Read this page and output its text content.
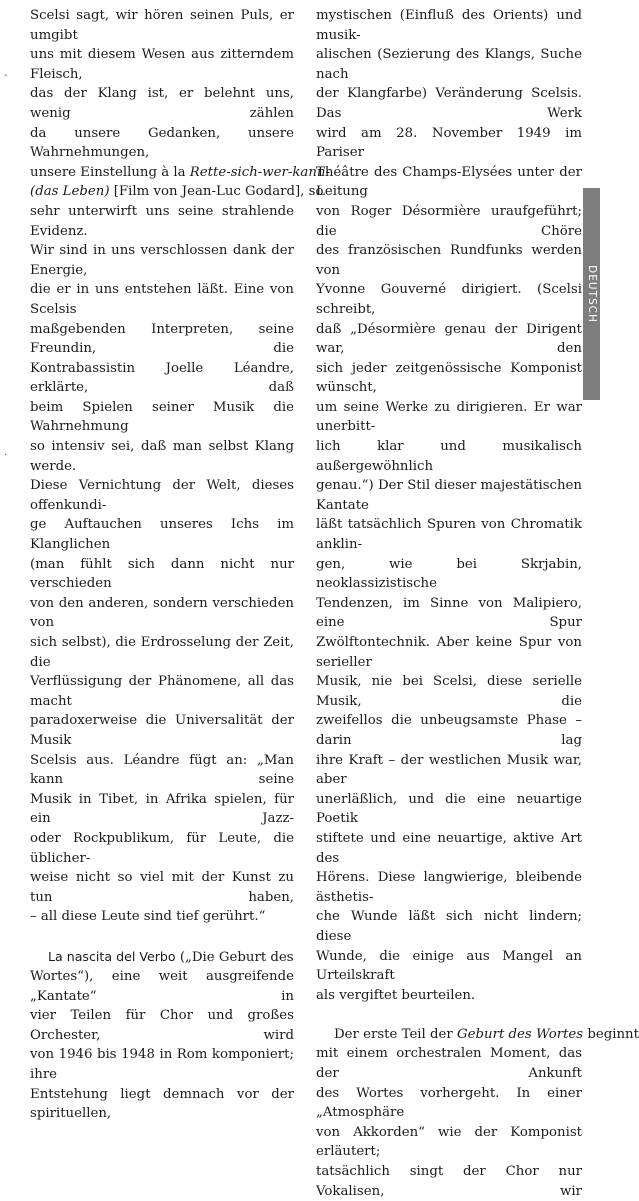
-
·
Scelsi sagt, wir hören seinen Puls, er umgibt
uns mit diesem Wesen aus zitterndem Fleisch,
das der Klang ist, er belehnt uns, wenig zählen
da unsere Gedanken, unsere Wahrnehmungen,
unsere Einstellung à la Rette-sich-wer-kann-
(das Leben) [Film von Jean-Luc Godard], so
sehr unterwirft uns seine strahlende Evidenz.
Wir sind in uns verschlossen dank der Energie,
die er in uns entstehen läßt. Eine von Scelsis
maßgebenden Interpreten, seine Freundin, die
Kontrabassistin Joelle Léandre, erklärte, daß
beim Spielen seiner Musik die Wahrnehmung
so intensiv sei, daß man selbst Klang werde.
Diese Vernichtung der Welt, dieses offenkundi-
ge Auftauchen unseres Ichs im Klanglichen
(man fühlt sich dann nicht nur verschieden
von den anderen, sondern verschieden von
sich selbst), die Erdrosselung der Zeit, die
Verflüssigung der Phänomene, all das macht
paradoxerweise die Universalität der Musik
Scelsis aus. Léandre fügt an: „Man kann seine
Musik in Tibet, in Afrika spielen, für ein Jazz-
oder Rockpublikum, für Leute, die üblicher-
weise nicht so viel mit der Kunst zu tun haben,
– all diese Leute sind tief gerührt.“
La nascita del Verbo („Die Geburt des
Wortes“), eine weit ausgreifende „Kantate“ in
vier Teilen für Chor und großes Orchester, wird
von 1946 bis 1948 in Rom komponiert; ihre
Entstehung liegt demnach vor der spirituellen,
mystischen (Einfluß des Orients) und musik-
alischen (Sezierung des Klangs, Suche nach
der Klangfarbe) Veränderung Scelsis. Das Werk
wird am 28. November 1949 im Pariser
Théâtre des Champs-Elysées unter der Leitung
von Roger Désormière uraufgeführt; die Chöre
des französischen Rundfunks werden von
Yvonne Gouverné dirigiert. (Scelsi schreibt,
daß „Désormière genau der Dirigent war, den
sich jeder zeitgenössische Komponist wünscht,
um seine Werke zu dirigieren. Er war unerbitt-
lich klar und musikalisch außergewöhnlich
genau.“) Der Stil dieser majestätischen Kantate
läßt tatsächlich Spuren von Chromatik anklin-
gen, wie bei Skrjabin, neoklassizistische
Tendenzen, im Sinne von Malipiero, eine Spur
Zwölftontechnik. Aber keine Spur von serieller
Musik, nie bei Scelsi, diese serielle Musik, die
zweifellos die unbeugsamste Phase – darin lag
ihre Kraft – der westlichen Musik war, aber
unerläßlich, und die eine neuartige Poetik
stiftete und eine neuartige, aktive Art des
Hörens. Diese langwierige, bleibende ästhetis-
che Wunde läßt sich nicht lindern; diese
Wunde, die einige aus Mangel an Urteilskraft
als vergiftet beurteilen.
Der erste Teil der Geburt des Wortes beginnt
mit einem orchestralen Moment, das der Ankunft
des Wortes vorhergeht. In einer „Atmosphäre
von Akkorden“ wie der Komponist erläutert;
tatsächlich singt der Chor nur Vokalisen, wir
DEUTSCH
